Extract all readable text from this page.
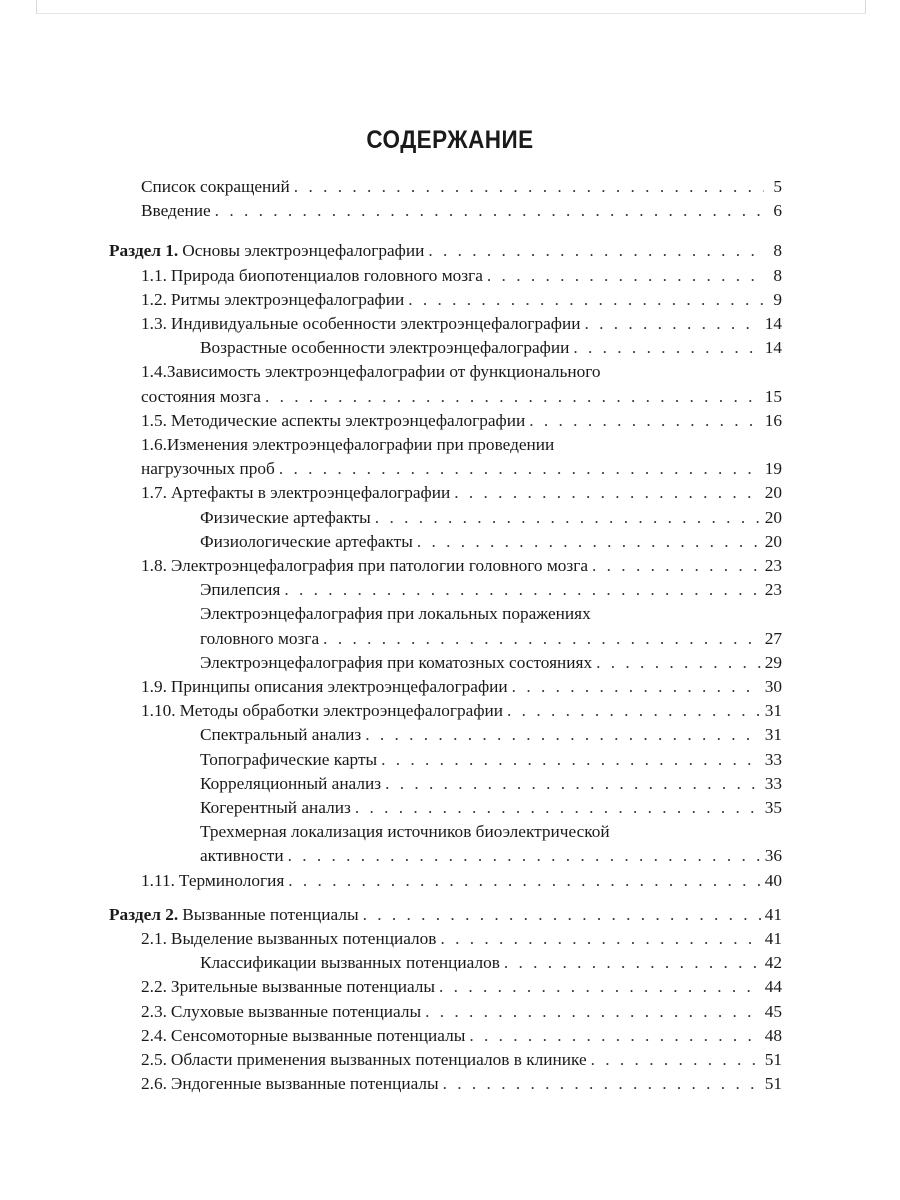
СОДЕРЖАНИЕ
Список сокращений . . .	5
Введение . . .	6
Раздел 1. Основы электроэнцефалографии . . .	8
1.1. Природа биопотенциалов головного мозга . . .	8
1.2. Ритмы электроэнцефалографии . . .	9
1.3. Индивидуальные особенности электроэнцефалографии . . .	14
Возрастные особенности электроэнцефалографии . . .	14
1.4.Зависимость электроэнцефалографии от функционального
состояния мозга . . .	15
1.5. Методические аспекты электроэнцефалографии . . .	16
1.6.Изменения электроэнцефалографии при проведении
нагрузочных проб . . .	19
1.7. Артефакты в электроэнцефалографии . . .	20
Физические артефакты . . .	20
Физиологические артефакты . . .	20
1.8. Электроэнцефалография при патологии головного мозга . . .	23
Эпилепсия . . .	23
Электроэнцефалография при локальных поражениях
головного мозга . . .	27
Электроэнцефалография при коматозных состояниях . . .	29
1.9. Принципы описания электроэнцефалографии . . .	30
1.10. Методы обработки электроэнцефалографии . . .	31
Спектральный анализ . . .	31
Топографические карты . . .	33
Корреляционный анализ . . .	33
Когерентный анализ . . .	35
Трехмерная локализация источников биоэлектрической
активности . . .	36
1.11. Терминология . . .	40
Раздел 2. Вызванные потенциалы . . .	41
2.1. Выделение вызванных потенциалов . . .	41
Классификации вызванных потенциалов . . .	42
2.2. Зрительные вызванные потенциалы . . .	44
2.3. Слуховые вызванные потенциалы . . .	45
2.4. Сенсомоторные вызванные потенциалы . . .	48
2.5. Области применения вызванных потенциалов в клинике . . .	51
2.6. Эндогенные вызванные потенциалы . . .	51
